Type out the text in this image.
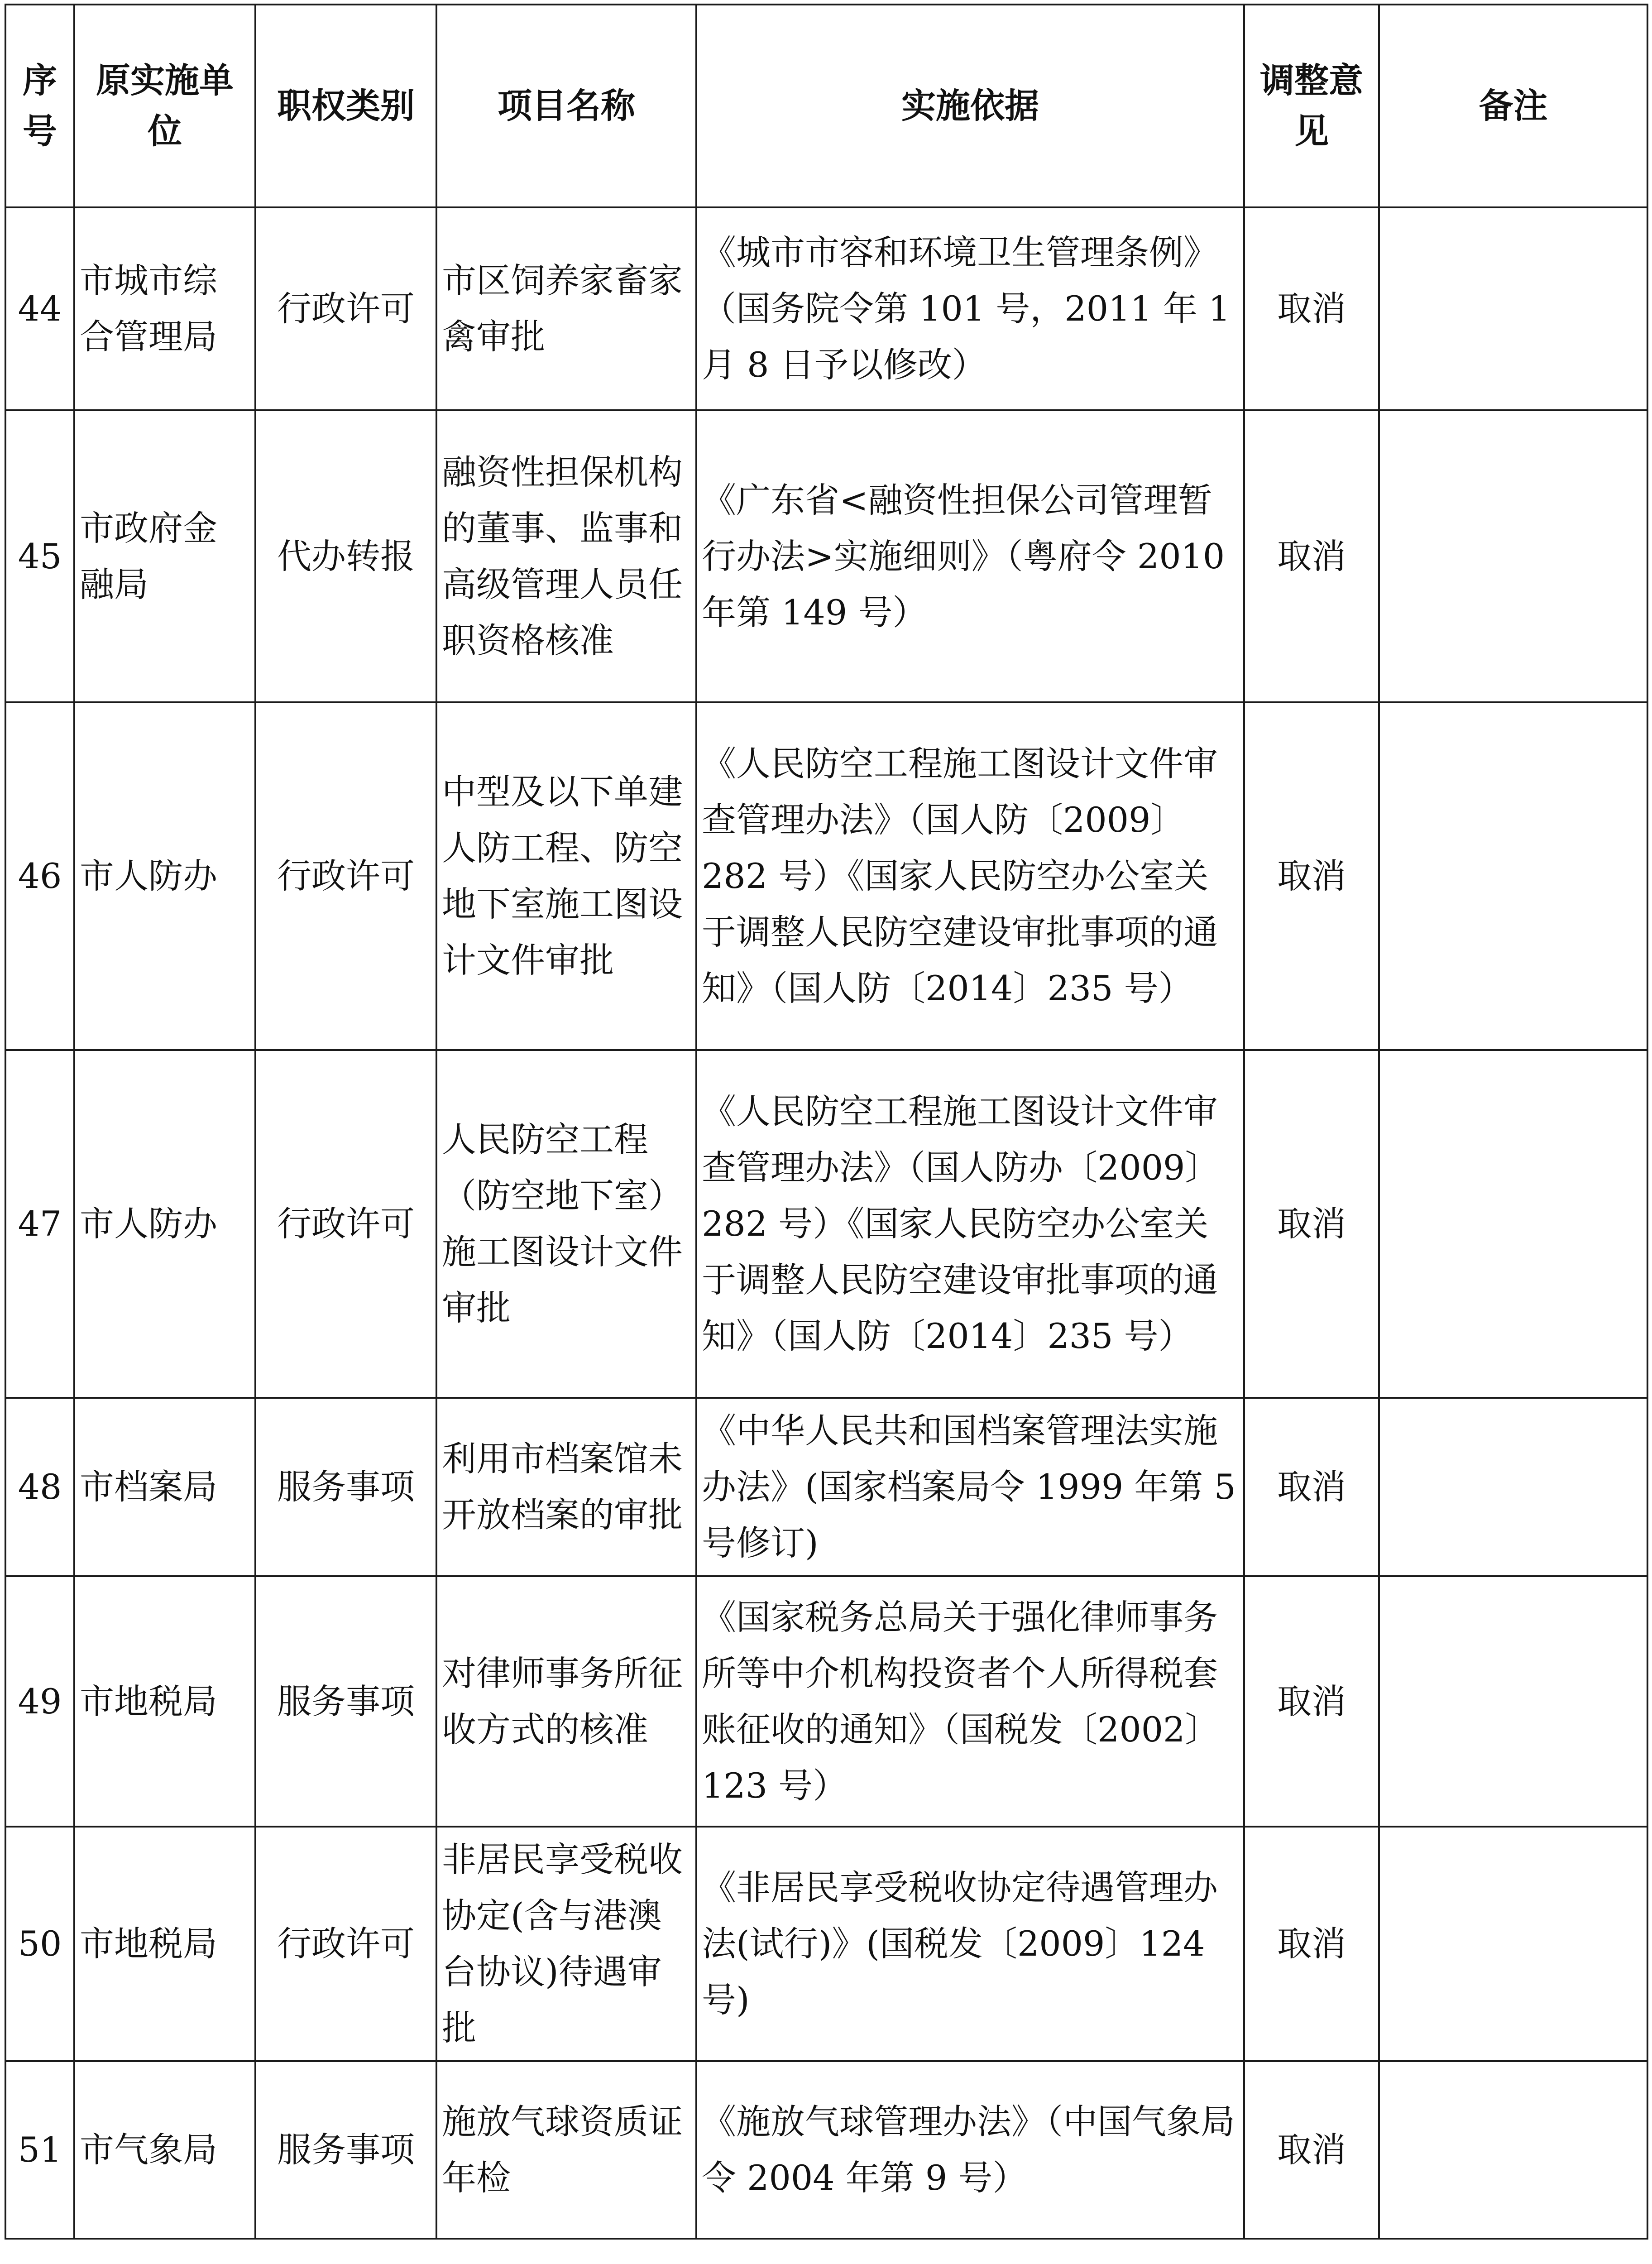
序号	原实施单位	职权类别	项目名称	实施依据	调整意见	备注
44	市城市综合管理局	行政许可	市区饲养家畜家禽审批	《城市市容和环境卫生管理条例》（国务院令第 101 号，2011 年 1 月 8 日予以修改）	取消	
45	市政府金融局	代办转报	融资性担保机构的董事、监事和高级管理人员任职资格核准	《广东省<融资性担保公司管理暂行办法>实施细则》（粤府令 2010 年第 149 号）	取消	
46	市人防办	行政许可	中型及以下单建人防工程、防空地下室施工图设计文件审批	《人民防空工程施工图设计文件审查管理办法》（国人防〔2009〕282 号）《国家人民防空办公室关于调整人民防空建设审批事项的通知》（国人防〔2014〕235 号）	取消	
47	市人防办	行政许可	人民防空工程（防空地下室）施工图设计文件审批	《人民防空工程施工图设计文件审查管理办法》（国人防办〔2009〕282 号）《国家人民防空办公室关于调整人民防空建设审批事项的通知》（国人防〔2014〕235 号）	取消	
48	市档案局	服务事项	利用市档案馆未开放档案的审批	《中华人民共和国档案管理法实施办法》(国家档案局令 1999 年第 5 号修订)	取消	
49	市地税局	服务事项	对律师事务所征收方式的核准	《国家税务总局关于强化律师事务所等中介机构投资者个人所得税套账征收的通知》（国税发〔2002〕123 号）	取消	
50	市地税局	行政许可	非居民享受税收协定(含与港澳台协议)待遇审批	《非居民享受税收协定待遇管理办法(试行)》(国税发〔2009〕124 号)	取消	
51	市气象局	服务事项	施放气球资质证年检	《施放气球管理办法》（中国气象局令 2004 年第 9 号）	取消	
